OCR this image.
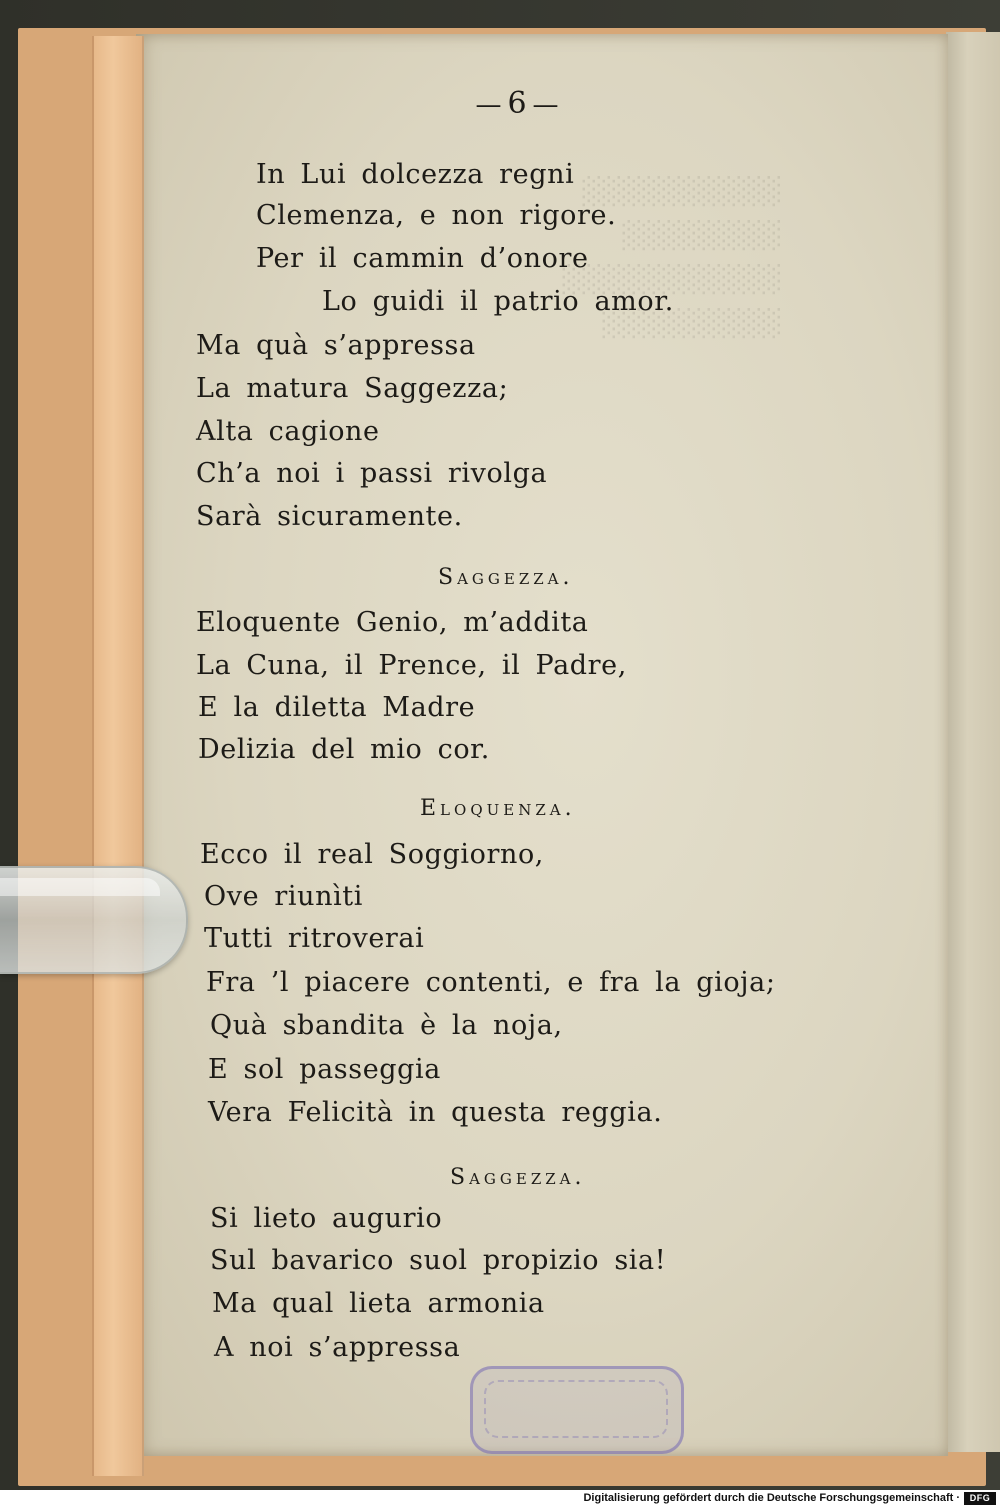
░░░░░░░░░░
░░░░░░░░
░░░░░░░░░░░
░░░░░░░░░

—6—
In Lui dolcezza regni
Clemenza, e non rigore.
Per il cammin d’onore
Lo guidi il patrio amor.
Ma quà s’appressa
La matura Saggezza;
Alta cagione
Ch’a noi i passi rivolga
Sarà sicuramente.
Saggezza.
Eloquente Genio, m’addita
La Cuna, il Prence, il Padre,
E la diletta Madre
Delizia del mio cor.
Eloquenza.
Ecco il real Soggiorno,
Ove riunìti
Tutti ritroverai
Fra ’l piacere contenti, e fra la gioja;
Quà sbandita è la noja,
E sol passeggia
Vera Felicità in questa reggia.
Saggezza.
Si lieto augurio
Sul bavarico suol propizio sia!
Ma qual lieta armonia
A noi s’appressa
Digitalisierung gefördert durch die Deutsche Forschungsgemeinschaft ·	DFG
